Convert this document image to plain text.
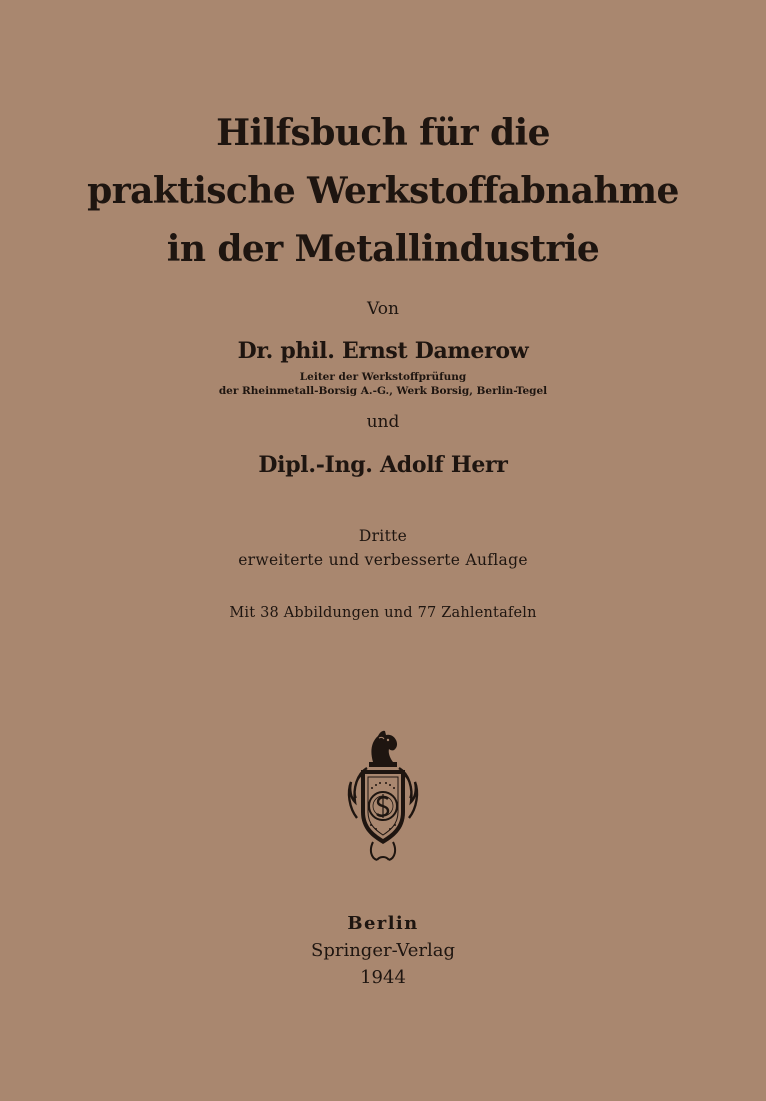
Hilfsbuch für die
praktische Werkstoffabnahme
in der Metallindustrie

Von

Dr. phil. Ernst Damerow

Leiter der Werkstoffprüfung
der Rheinmetall-Borsig A.-G., Werk Borsig, Berlin-Tegel

und

Dipl.-Ing. Adolf Herr

Dritte
erweiterte und verbesserte Auflage

Mit 38 Abbildungen und 77 Zahlentafeln

Berlin
Springer-Verlag
1944
